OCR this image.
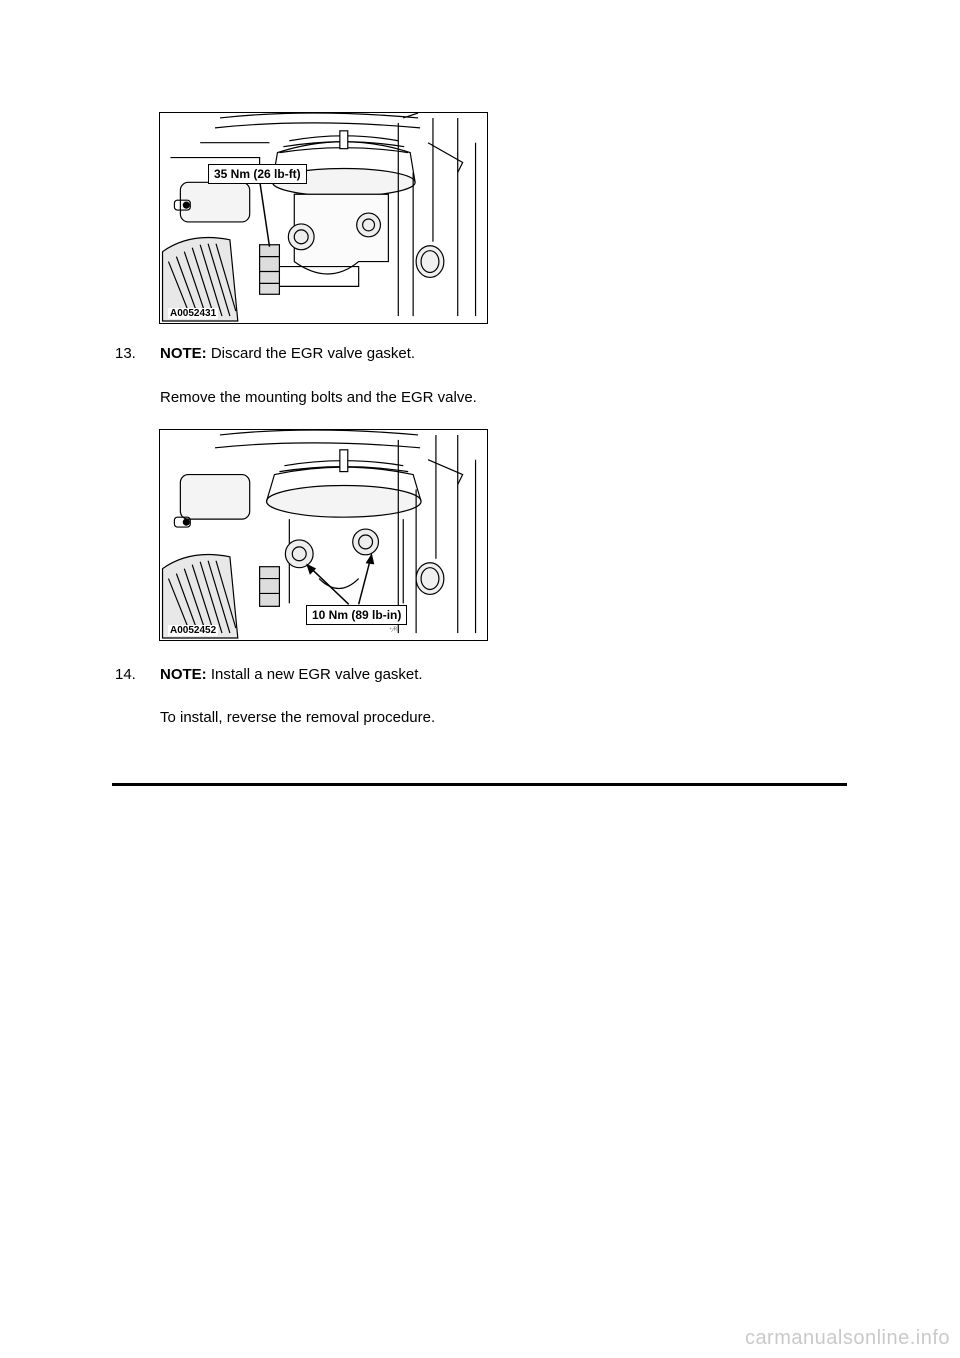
35 Nm (26 lb-ft)
A0052431
13. NOTE: Discard the EGR valve gasket.
Remove the mounting bolts and the EGR valve.
10 Nm (89 lb-in)
A0052452	⁺⁄ᴿ
14. NOTE: Install a new EGR valve gasket.
To install, reverse the removal procedure.
carmanualsonline.info
